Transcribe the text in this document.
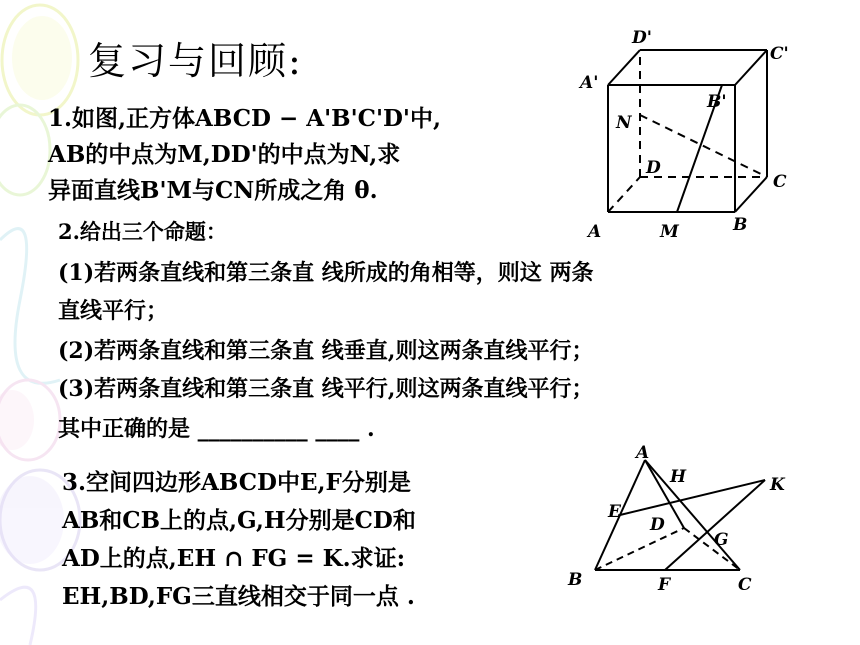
复习与回顾:
1.如图,正方体ABCD − A'B'C'D'中,
AB的中点为M,DD'的中点为N,求
异面直线B'M与CN所成之角 θ.
2.给出三个命题：
(1)若两条直线和第三条直 线所成的角相等，则这 两条
直线平行；
(2)若两条直线和第三条直 线垂直,则这两条直线平行；
(3)若两条直线和第三条直 线平行,则这两条直线平行；
其中正确的是 __________ ____ .
3.空间四边形ABCD中E,F分别是
AB和CB上的点,G,H分别是CD和
AD上的点,EH ∩ FG = K.求证:
EH,BD,FG三直线相交于同一点 .
A	B
C
D
A'
B'
C'
D'
M
N
A
B	C
D
E
F
G
H	K
